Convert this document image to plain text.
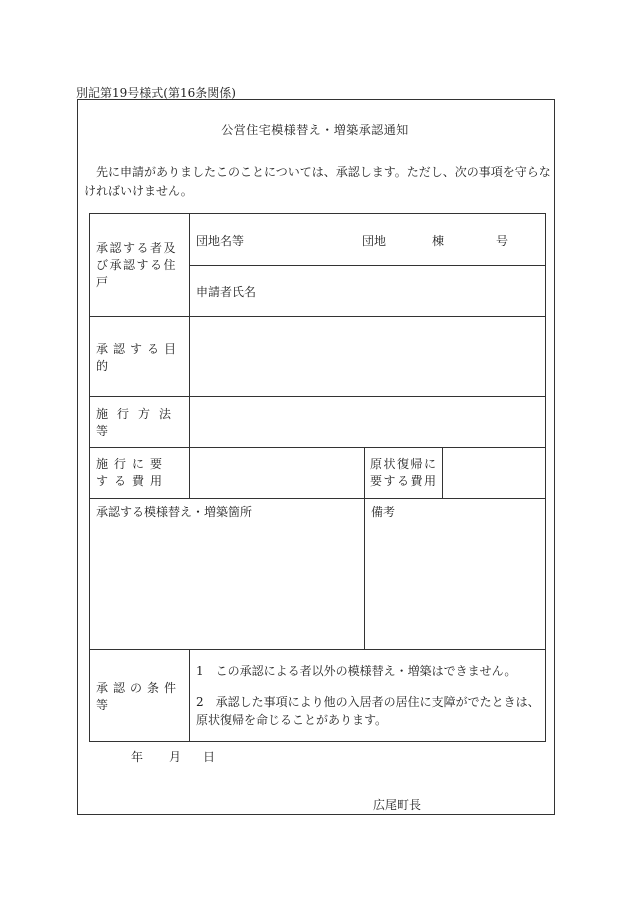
別記第19号様式(第16条関係)
公営住宅模様替え・増築承認通知
先に申請がありましたこのことについては、承認します。ただし、次の事項を守らなければいけません。
承認する者及び承認する住戸	団地名等 団地 棟 号		

	申請者氏名		

承認する目的			

施行方法等			

施行に要する費用		原状復帰に要する費用	

承認する模様替え・増築箇所		備考	

承認の条件等	1　この承認による者以外の模様替え・増築はできません。

2　承認した事項により他の入居者の居住に支障がでたときは、原状復帰を命じることがあります。		

年 月 日
広尾町長
